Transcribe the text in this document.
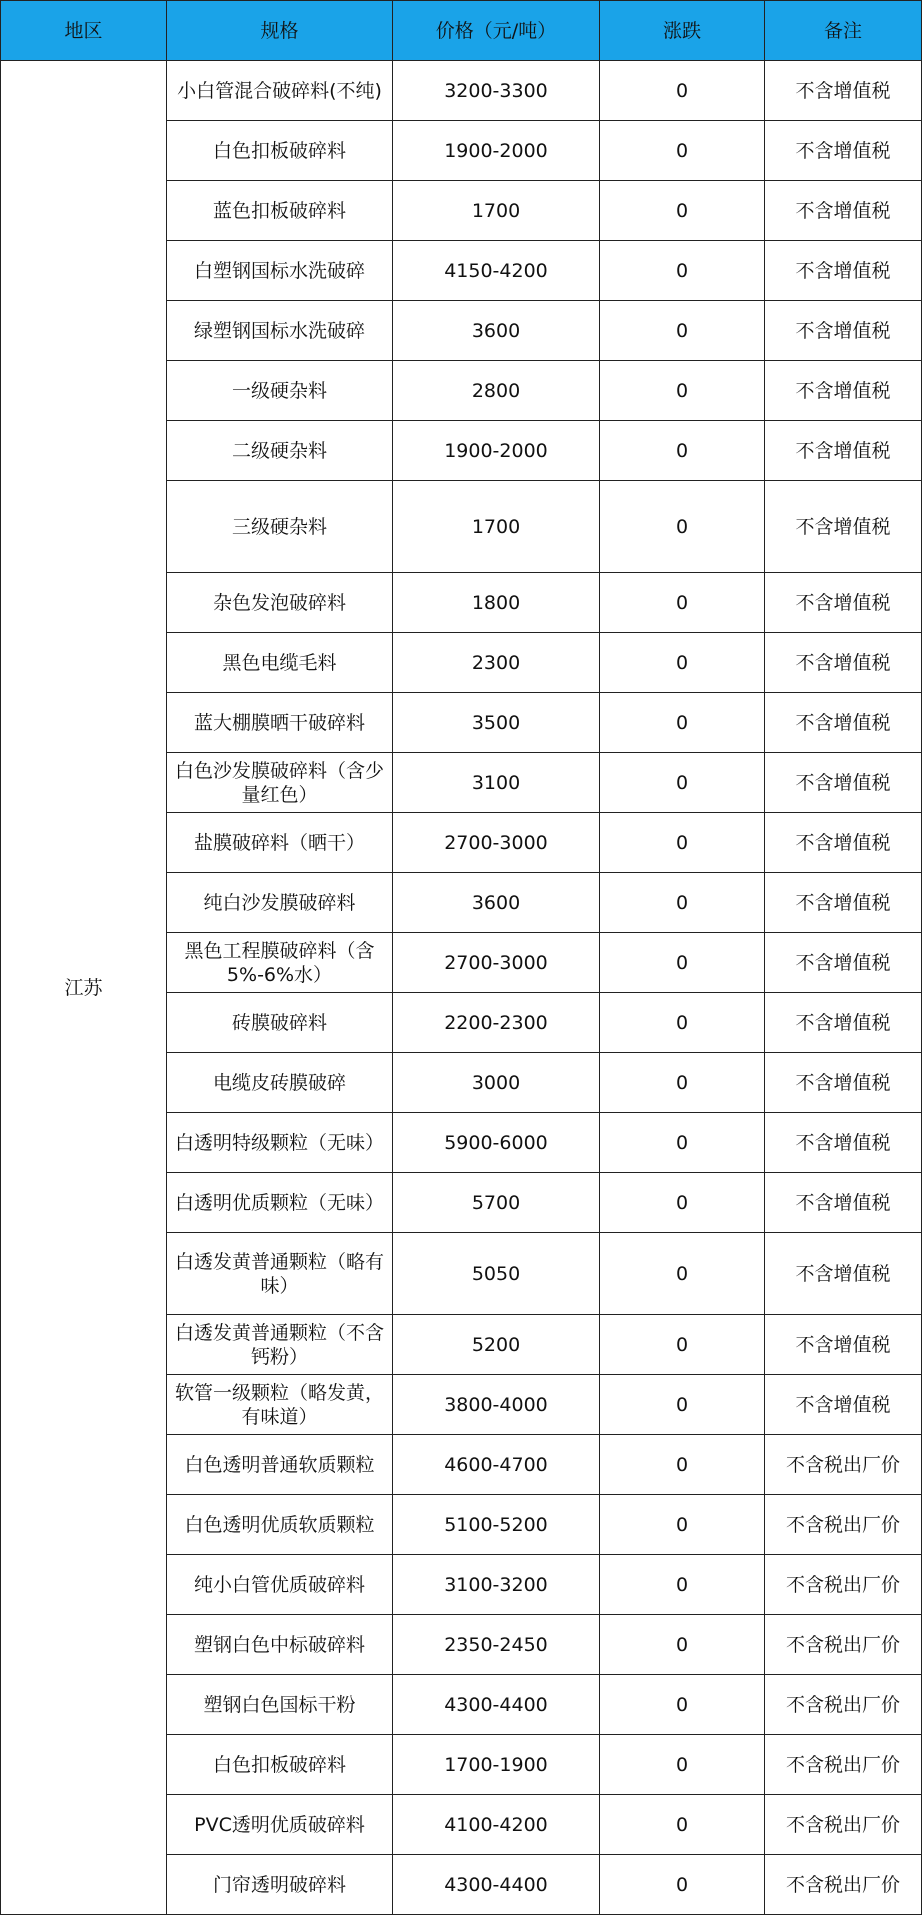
地区	规格	价格（元/吨）	涨跌	备注
江苏	小白管混合破碎料(不纯)	3200-3300	0	不含增值税
	白色扣板破碎料	1900-2000	0	不含增值税
	蓝色扣板破碎料	1700	0	不含增值税
	白塑钢国标水洗破碎	4150-4200	0	不含增值税
	绿塑钢国标水洗破碎	3600	0	不含增值税
	一级硬杂料	2800	0	不含增值税
	二级硬杂料	1900-2000	0	不含增值税
	三级硬杂料	1700	0	不含增值税
	杂色发泡破碎料	1800	0	不含增值税
	黑色电缆毛料	2300	0	不含增值税
	蓝大棚膜晒干破碎料	3500	0	不含增值税
	白色沙发膜破碎料（含少量红色）	3100	0	不含增值税
	盐膜破碎料（晒干）	2700-3000	0	不含增值税
	纯白沙发膜破碎料	3600	0	不含增值税
	黑色工程膜破碎料（含5%-6%水）	2700-3000	0	不含增值税
	砖膜破碎料	2200-2300	0	不含增值税
	电缆皮砖膜破碎	3000	0	不含增值税
	白透明特级颗粒（无味）	5900-6000	0	不含增值税
	白透明优质颗粒（无味）	5700	0	不含增值税
	白透发黄普通颗粒（略有味）	5050	0	不含增值税
	白透发黄普通颗粒（不含钙粉）	5200	0	不含增值税
	软管一级颗粒（略发黄，有味道）	3800-4000	0	不含增值税
	白色透明普通软质颗粒	4600-4700	0	不含税出厂价
	白色透明优质软质颗粒	5100-5200	0	不含税出厂价
	纯小白管优质破碎料	3100-3200	0	不含税出厂价
	塑钢白色中标破碎料	2350-2450	0	不含税出厂价
	塑钢白色国标干粉	4300-4400	0	不含税出厂价
	白色扣板破碎料	1700-1900	0	不含税出厂价
	PVC透明优质破碎料	4100-4200	0	不含税出厂价
	门帘透明破碎料	4300-4400	0	不含税出厂价
